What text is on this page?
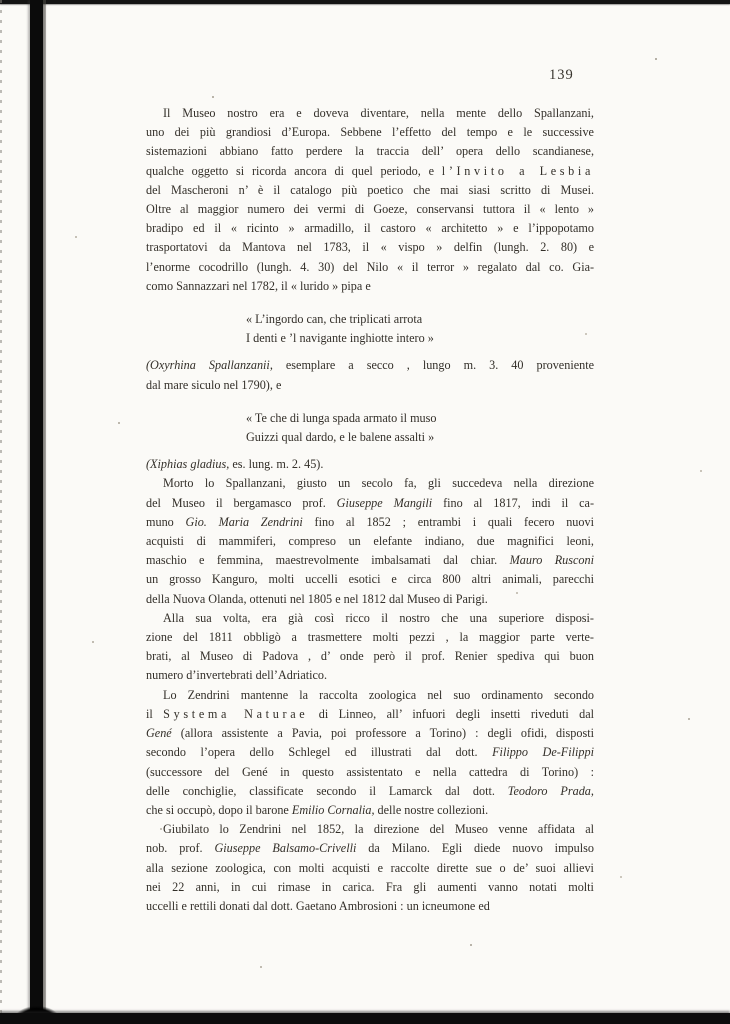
139
Il Museo nostro era e doveva diventare, nella mente dello Spallanzani,
uno dei più grandiosi d’Europa. Sebbene l’effetto del tempo e le successive
sistemazioni abbiano fatto perdere la traccia dell’ opera dello scandianese,
qualche oggetto si ricorda ancora di quel periodo, e l’Invito a Lesbia
del Mascheroni n’ è il catalogo più poetico che mai siasi scritto di Musei.
Oltre al maggior numero dei vermi di Goeze, conservansi tuttora il « lento »
bradipo ed il « ricinto » armadillo, il castoro « architetto » e l’ippopotamo
trasportatovi da Mantova nel 1783, il « vispo » delfin (lungh. 2. 80) e
l’enorme cocodrillo (lungh. 4. 30) del Nilo « il terror » regalato dal co. Gia-
como Sannazzari nel 1782, il « lurido » pipa e
« L’ingordo can, che triplicati arrota
I denti e ’l navigante inghiotte intero »
(Oxyrhina Spallanzanii, esemplare a secco , lungo m. 3. 40 proveniente
dal mare siculo nel 1790), e
« Te che di lunga spada armato il muso
Guizzi qual dardo, e le balene assalti »
(Xiphias gladius, es. lung. m. 2. 45).
Morto lo Spallanzani, giusto un secolo fa, gli succedeva nella direzione
del Museo il bergamasco prof. Giuseppe Mangili fino al 1817, indi il ca-
muno Gio. Maria Zendrini fino al 1852 ; entrambi i quali fecero nuovi
acquisti di mammiferi, compreso un elefante indiano, due magnifici leoni,
maschio e femmina, maestrevolmente imbalsamati dal chiar. Mauro Rusconi
un grosso Kanguro, molti uccelli esotici e circa 800 altri animali, parecchi
della Nuova Olanda, ottenuti nel 1805 e nel 1812 dal Museo di Parigi.
Alla sua volta, era già così ricco il nostro che una superiore disposi-
zione del 1811 obbligò a trasmettere molti pezzi , la maggior parte verte-
brati, al Museo di Padova , d’ onde però il prof. Renier spediva qui buon
numero d’invertebrati dell’Adriatico.
Lo Zendrini mantenne la raccolta zoologica nel suo ordinamento secondo
il Systema Naturae di Linneo, all’ infuori degli insetti riveduti dal
Gené (allora assistente a Pavia, poi professore a Torino) : degli ofidi, disposti
secondo l’opera dello Schlegel ed illustrati dal dott. Filippo De-Filippi
(successore del Gené in questo assistentato e nella cattedra di Torino) :
delle conchiglie, classificate secondo il Lamarck dal dott. Teodoro Prada,
che si occupò, dopo il barone Emilio Cornalia, delle nostre collezioni.
Giubilato lo Zendrini nel 1852, la direzione del Museo venne affidata al
nob. prof. Giuseppe Balsamo-Crivelli da Milano. Egli diede nuovo impulso
alla sezione zoologica, con molti acquisti e raccolte dirette sue o de’ suoi allievi
nei 22 anni, in cui rimase in carica. Fra gli aumenti vanno notati molti
uccelli e rettili donati dal dott. Gaetano Ambrosioni : un icneumone ed
